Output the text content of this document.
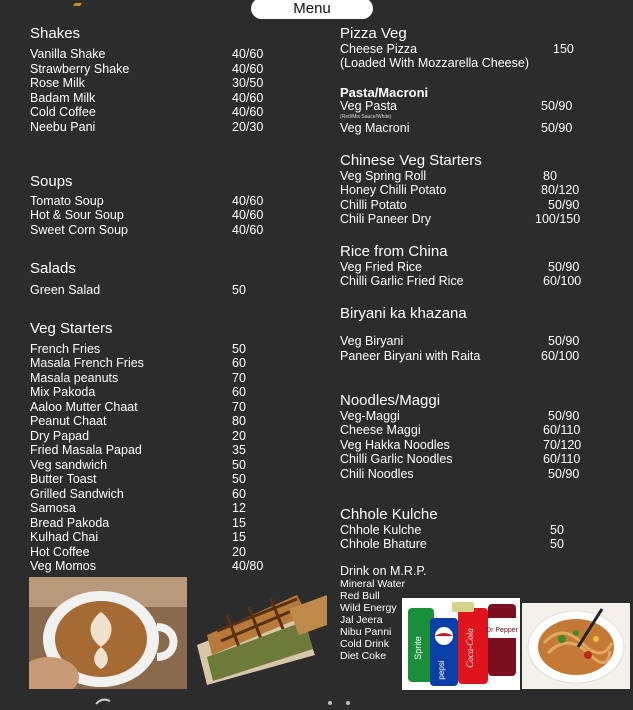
Menu
Shakes
Vanilla Shake	40/60
Strawberry Shake	40/60
Rose Milk	30/50
Badam Milk	40/60
Cold Coffee	40/60
Neebu Pani	20/30
Soups
Tomato Soup	40/60
Hot & Sour Soup	40/60
Sweet Corn Soup	40/60
Salads
Green Salad	50
Veg Starters
French Fries	50
Masala French Fries	60
Masala peanuts	70
Mix Pakoda	60
Aaloo Mutter Chaat	70
Peanut Chaat	80
Dry Papad	20
Fried Masala Papad	35
Veg sandwich	50
Butter Toast	50
Grilled Sandwich	60
Samosa	12
Bread Pakoda	15
Kulhad Chai	15
Hot Coffee	20
Veg Momos	40/80
Pizza Veg
Cheese Pizza	150
(Loaded With Mozzarella Cheese)
Pasta/Macroni
Veg Pasta	50/90
(Red/Mix Sauce/White)
Veg Macroni	50/90
Chinese Veg Starters
Veg Spring Roll	80
Honey Chilli Potato	80/120
Chilli Potato	50/90
Chili Paneer Dry	100/150
Rice from China
Veg Fried Rice	50/90
Chilli Garlic Fried Rice	60/100
Biryani ka khazana
Veg Biryani	50/90
Paneer Biryani with Raita	60/100
Noodles/Maggi
Veg-Maggi	50/90
Cheese Maggi	60/110
Veg Hakka Noodles	70/120
Chilli Garlic Noodles	60/110
Chili Noodles	50/90
Chhole Kulche
Chhole Kulche	50
Chhole Bhature	50
Drink on M.R.P.
Mineral Water
Red Bull
Wild Energy
Jal Jeera
Nibu Panni
Cold Drink
Diet Coke	Sprite
pepsi
Coca-Cola Dr Pepper
